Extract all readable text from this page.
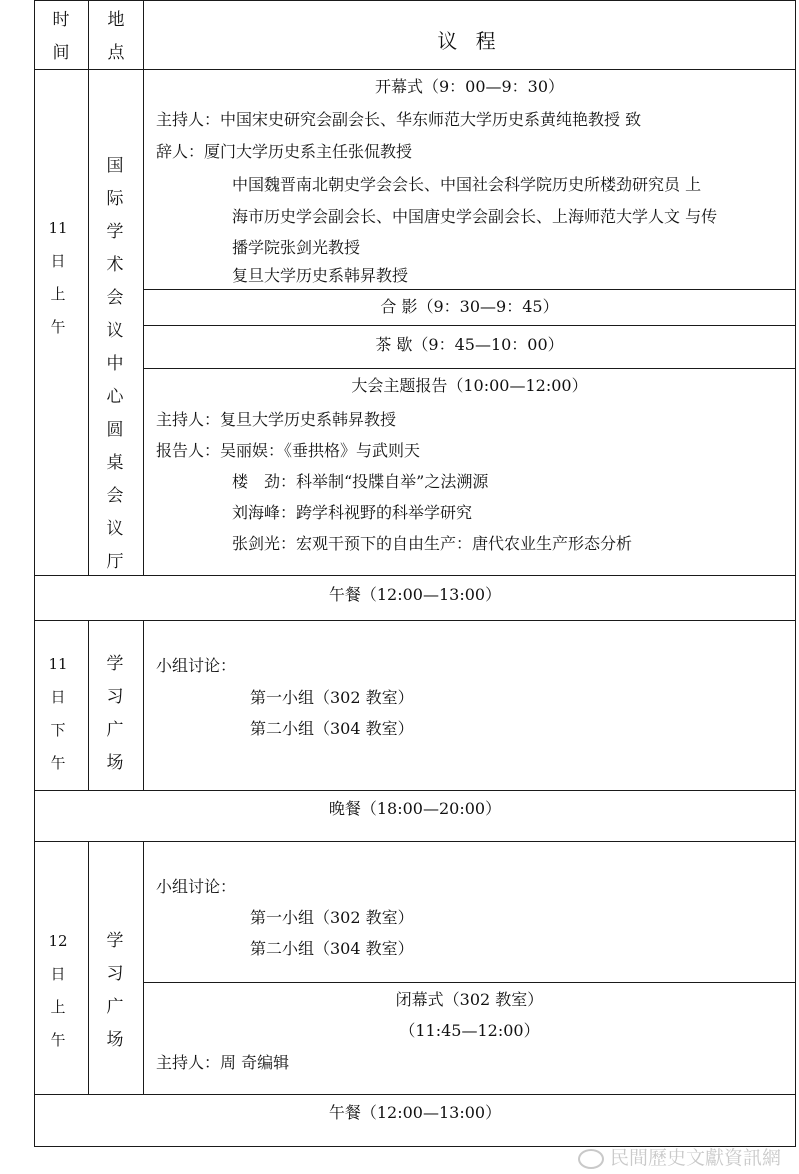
时
间
地
点	议 程
11
日
上
午
国
际
学
术
会
议
中
心
圆
桌
会
议
厅
开幕式（9：00—9：30）
主持人：中国宋史研究会副会长、华东师范大学历史系黄纯艳教授 致
辞人：厦门大学历史系主任张侃教授
中国魏晋南北朝史学会会长、中国社会科学院历史所楼劲研究员 上
海市历史学会副会长、中国唐史学会副会长、上海师范大学人文 与传
播学院张剑光教授
复旦大学历史系韩昇教授
合 影（9：30—9：45）
茶 歇（9：45—10：00）
大会主题报告（10:00—12:00）
主持人：复旦大学历史系韩昇教授
报告人：吴丽娱：《垂拱格》与武则天
楼　劲：科举制“投牒自举”之法溯源
刘海峰：跨学科视野的科举学研究
张剑光：宏观干预下的自由生产：唐代农业生产形态分析
午餐（12:00—13:00）
11
日
下
午
学
习
广
场
小组讨论：
第一小组（302 教室）
第二小组（304 教室）
晚餐（18:00—20:00）
12
日
上
午
学
习
广
场
小组讨论：
第一小组（302 教室）
第二小组（304 教室）
闭幕式（302 教室）
（11:45—12:00）
主持人：周 奇编辑
午餐（12:00—13:00）
民間歷史文獻資訊網
